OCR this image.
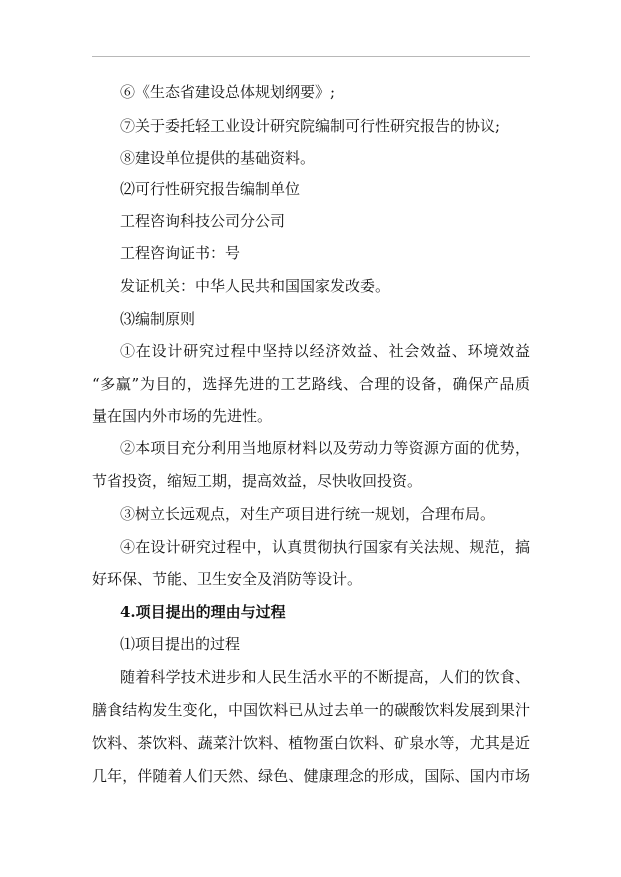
⑥《生态省建设总体规划纲要》;
⑦关于委托轻工业设计研究院编制可行性研究报告的协议;
⑧建设单位提供的基础资料。
⑵可行性研究报告编制单位
工程咨询科技公司分公司
工程咨询证书：号
发证机关：中华人民共和国国家发改委。
⑶编制原则
①在设计研究过程中坚持以经济效益、社会效益、环境效益
“多赢”为目的，选择先进的工艺路线、合理的设备，确保产品质
量在国内外市场的先进性。
②本项目充分利用当地原材料以及劳动力等资源方面的优势，
节省投资，缩短工期，提高效益，尽快收回投资。
③树立长远观点，对生产项目进行统一规划，合理布局。
④在设计研究过程中，认真贯彻执行国家有关法规、规范，搞
好环保、节能、卫生安全及消防等设计。
4.项目提出的理由与过程
⑴项目提出的过程
随着科学技术进步和人民生活水平的不断提高，人们的饮食、
膳食结构发生变化，中国饮料已从过去单一的碳酸饮料发展到果汁
饮料、茶饮料、蔬菜汁饮料、植物蛋白饮料、矿泉水等，尤其是近
几年，伴随着人们天然、绿色、健康理念的形成，国际、国内市场
